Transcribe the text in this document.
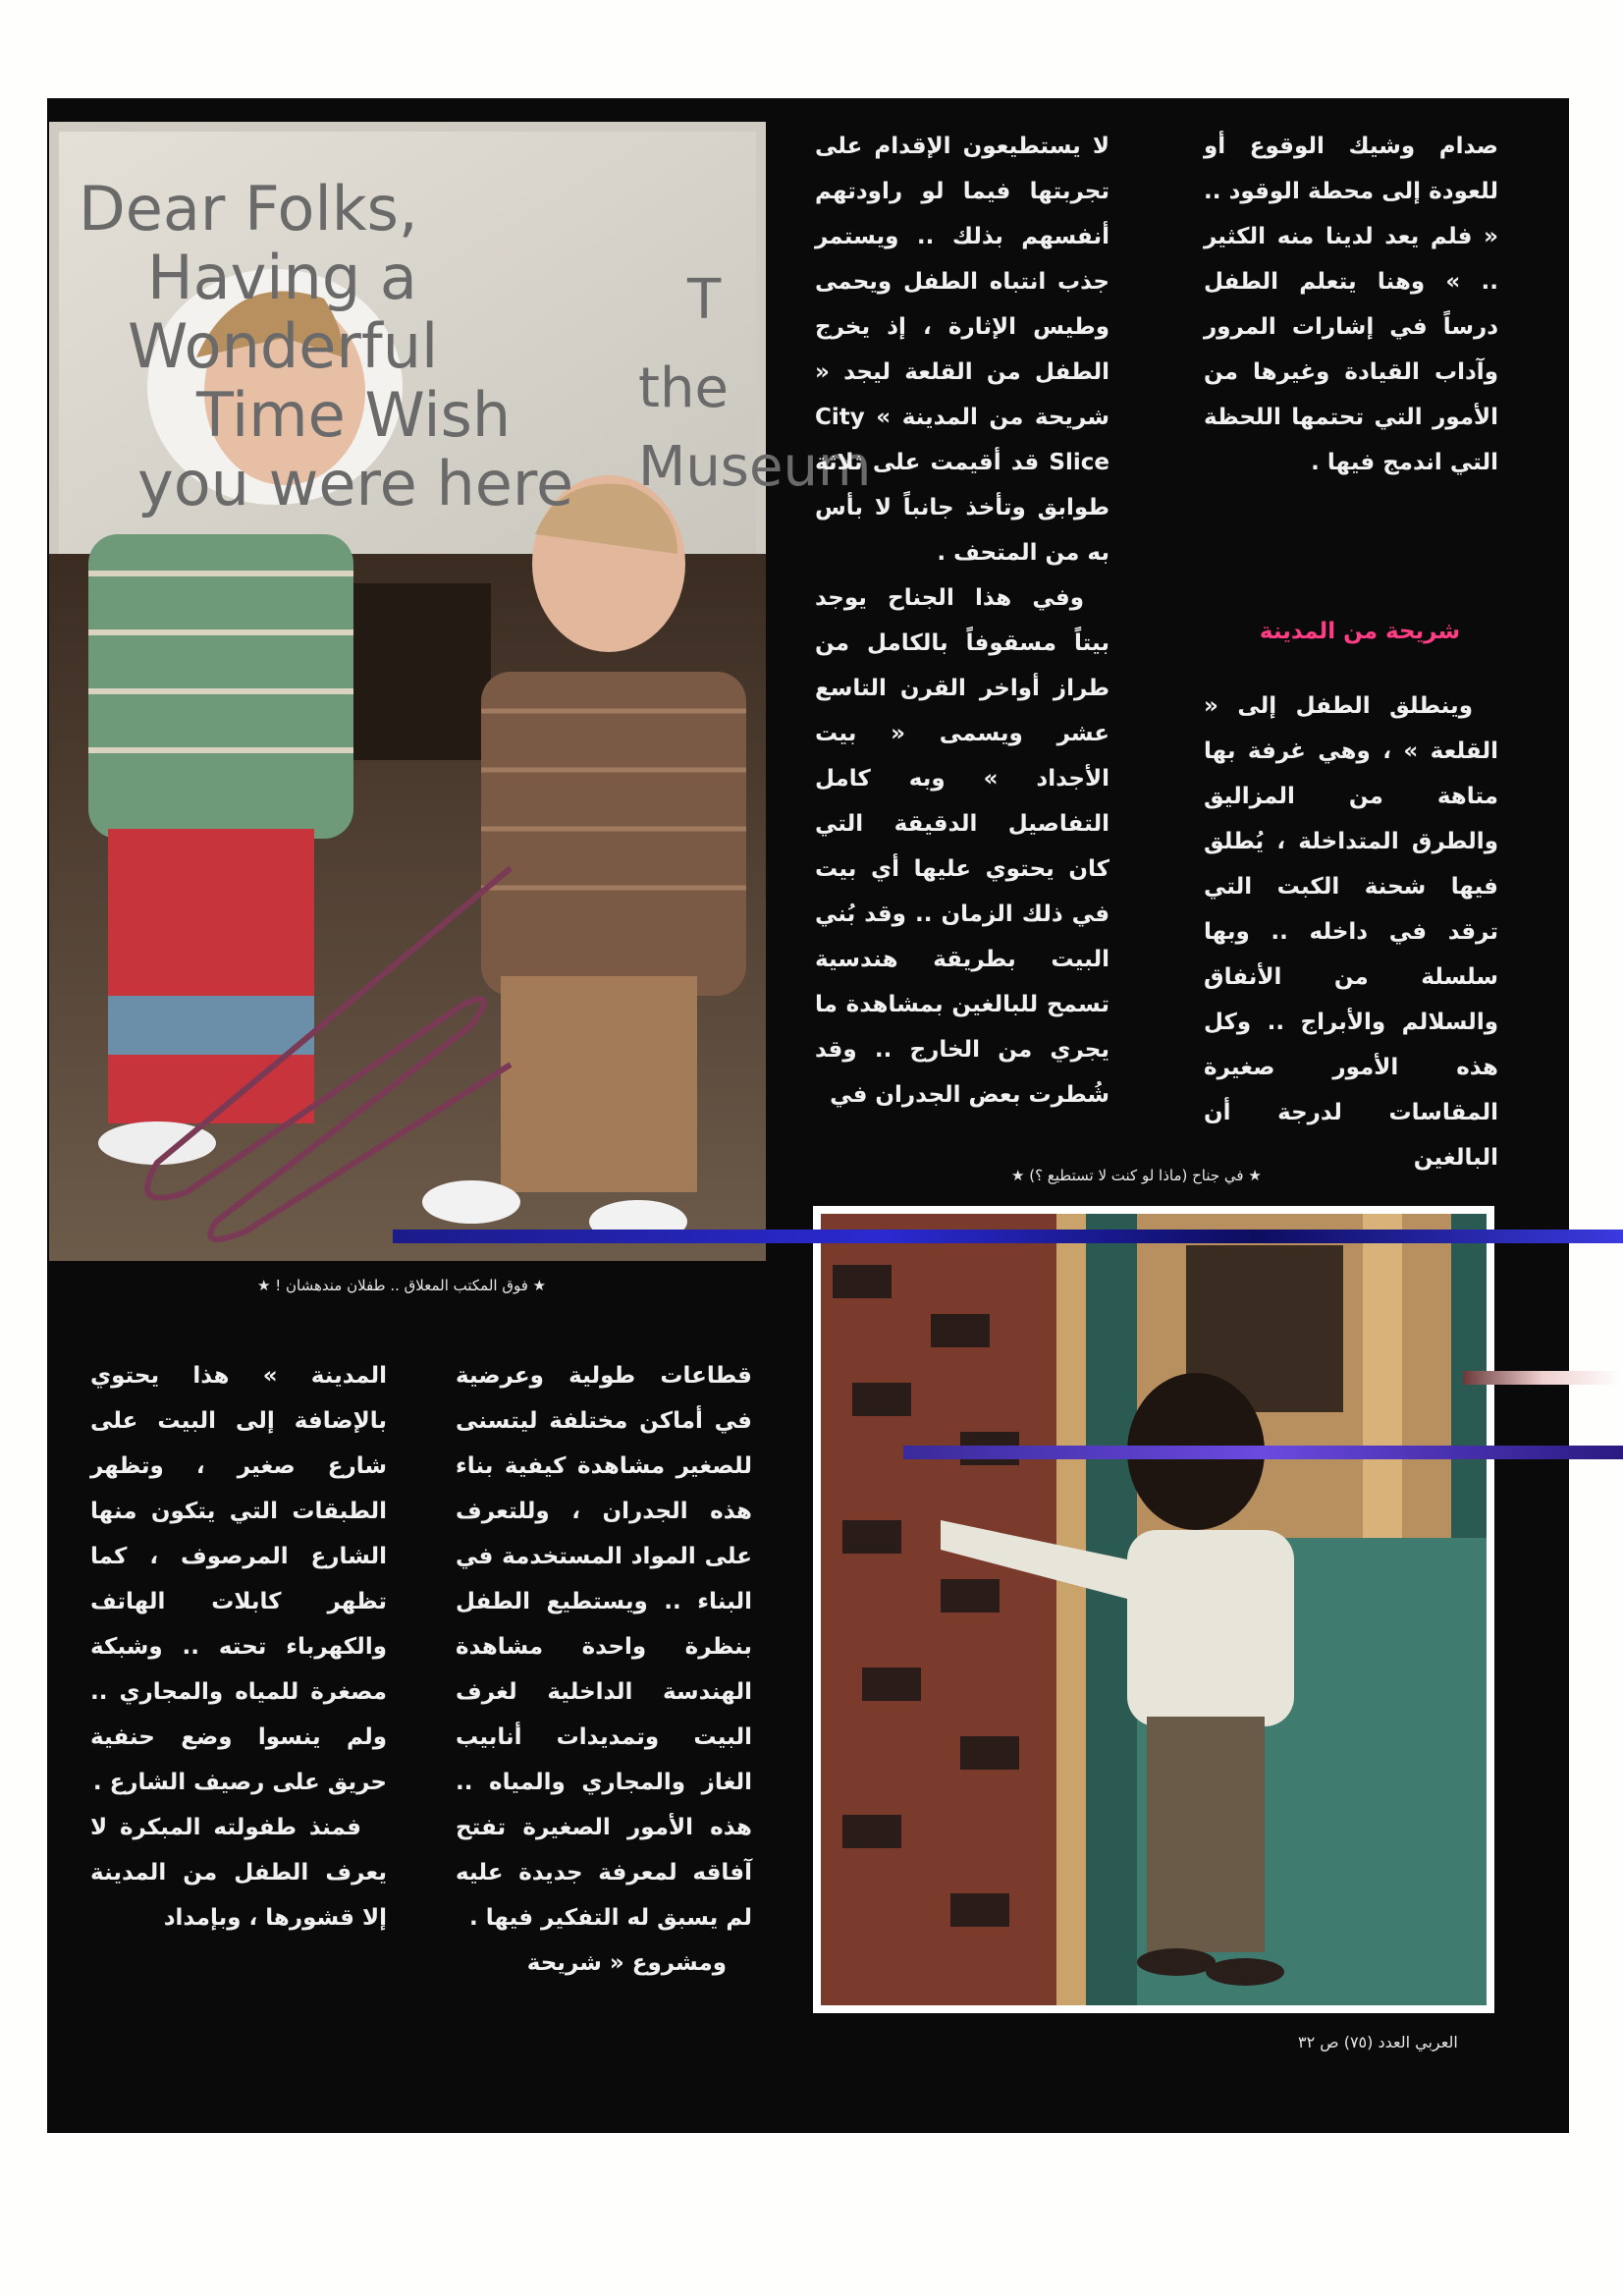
Dear Folks, Having a Wonderful Time Wish you were here
T the Museum

صدام وشيك الوقوع أو للعودة إلى محطة الوقود .. « فلم يعد لدينا منه الكثير .. » وهنا يتعلم الطفل درساً في إشارات المرور وآداب القيادة وغيرها من الأمور التي تحتمها اللحظة التي اندمج فيها .

شريحة من المدينة

وينطلق الطفل إلى « القلعة » ، وهي غرفة بها متاهة من المزاليق والطرق المتداخلة ، يُطلق فيها شحنة الكبت التي ترقد في داخله .. وبها سلسلة من الأنفاق والسلالم والأبراج .. وكل هذه الأمور صغيرة المقاسات لدرجة أن البالغين

لا يستطيعون الإقدام على تجربتها فيما لو راودتهم أنفسهم بذلك .. ويستمر جذب انتباه الطفل ويحمى وطيس الإثارة ، إذ يخرج الطفل من القلعة ليجد « شريحة من المدينة » City Slice قد أقيمت على ثلاثة طوابق وتأخذ جانباً لا بأس به من المتحف .

وفي هذا الجناح يوجد بيتاً مسقوفاً بالكامل من طراز أواخر القرن التاسع عشر ويسمى « بيت الأجداد » وبه كامل التفاصيل الدقيقة التي كان يحتوي عليها أي بيت في ذلك الزمان .. وقد بُني البيت بطريقة هندسية تسمح للبالغين بمشاهدة ما يجري من الخارج .. وقد شُطرت بعض الجدران في

★ في جناح (ماذا لو كنت لا تستطيع ؟) ★
★ فوق المكتب المعلاق .. طفلان مندهشان ! ★

قطاعات طولية وعرضية في أماكن مختلفة ليتسنى للصغير مشاهدة كيفية بناء هذه الجدران ، وللتعرف على المواد المستخدمة في البناء .. ويستطيع الطفل بنظرة واحدة مشاهدة الهندسة الداخلية لغرف البيت وتمديدات أنابيب الغاز والمجاري والمياه .. هذه الأمور الصغيرة تفتح آفاقه لمعرفة جديدة عليه لم يسبق له التفكير فيها .

ومشروع « شريحة

المدينة » هذا يحتوي بالإضافة إلى البيت على شارع صغير ، وتظهر الطبقات التي يتكون منها الشارع المرصوف ، كما تظهر كابلات الهاتف والكهرباء تحته .. وشبكة مصغرة للمياه والمجاري .. ولم ينسوا وضع حنفية حريق على رصيف الشارع .

فمنذ طفولته المبكرة لا يعرف الطفل من المدينة إلا قشورها ، وبإمداد

العربي العدد (٧٥) ص ٣٢
